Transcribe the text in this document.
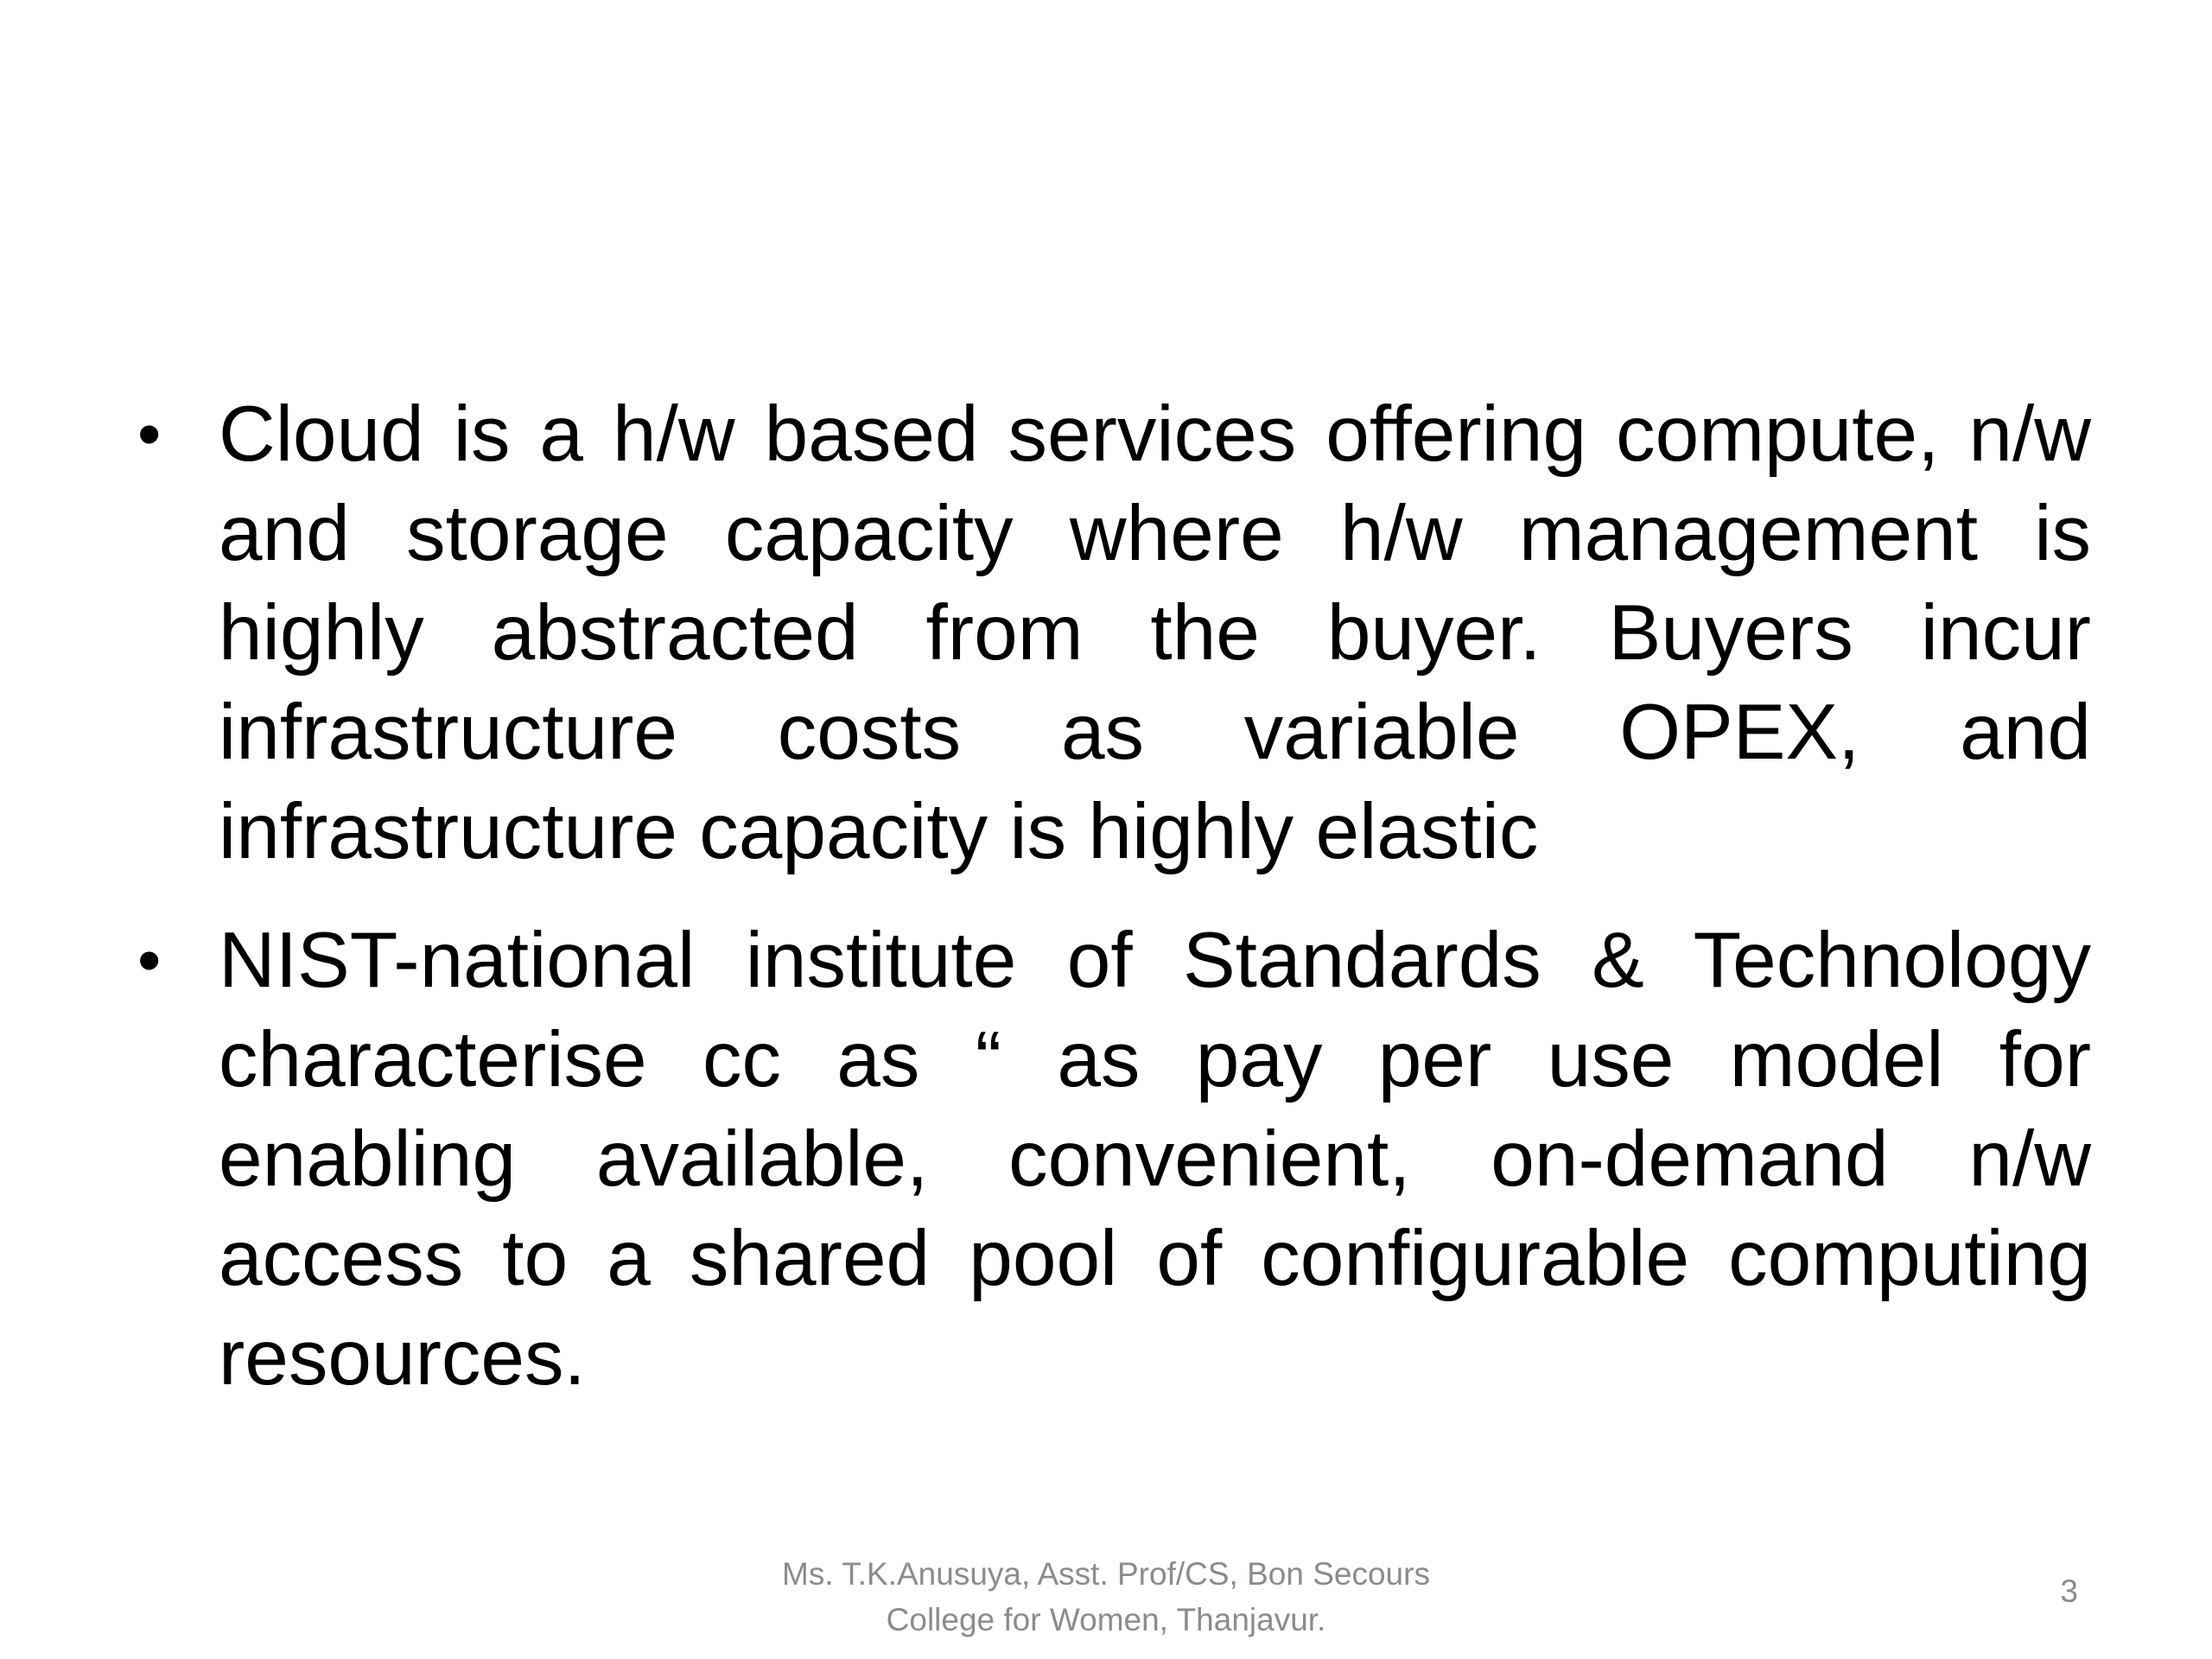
• Cloud is a h/w based services offering compute, n/w and storage capacity where h/w management is highly abstracted from the buyer. Buyers incur infrastructure costs as variable OPEX, and infrastructure capacity is highly elastic
• NIST-national institute of Standards & Technology characterise cc as “ as pay per use model for enabling available, convenient, on-demand n/w access to a shared pool of configurable computing resources.
Ms. T.K.Anusuya, Asst. Prof/CS, Bon Secours
College for Women, Thanjavur.
3
